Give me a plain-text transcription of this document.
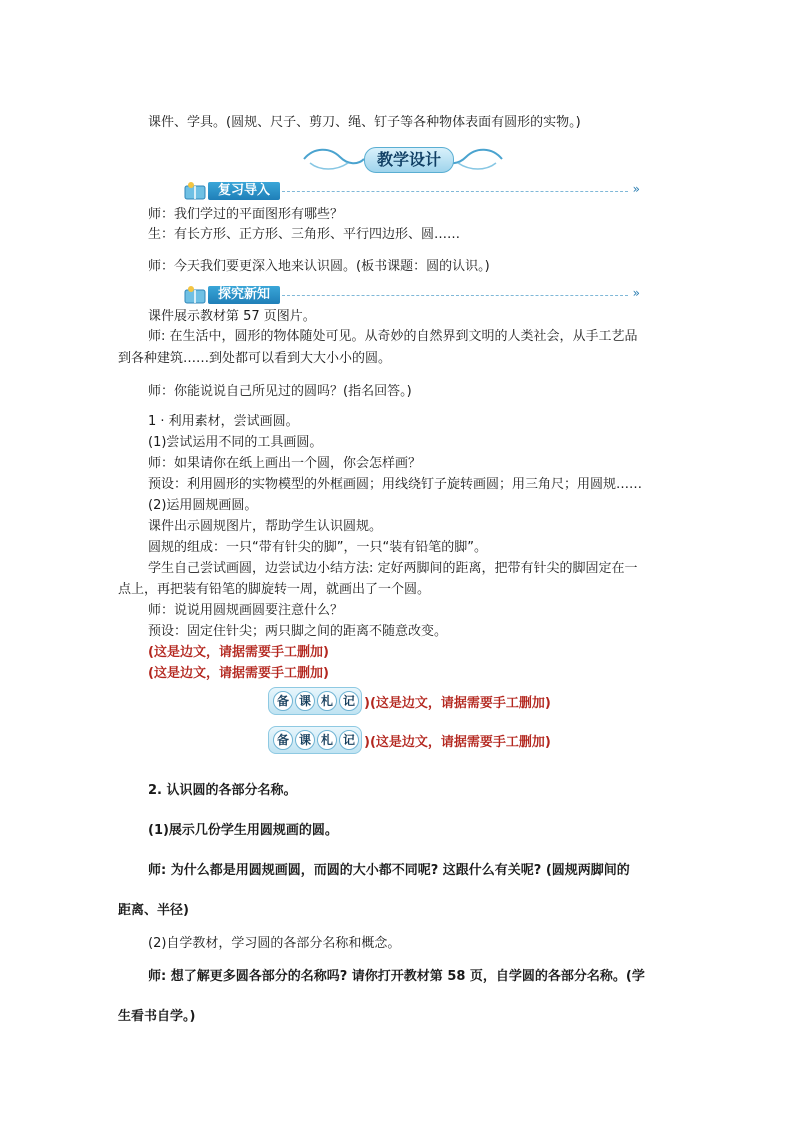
课件、学具。(圆规、尺子、剪刀、绳、钉子等各种物体表面有圆形的实物。)
教学设计
复习导入	»
师：我们学过的平面图形有哪些？
生：有长方形、正方形、三角形、平行四边形、圆……
师：今天我们要更深入地来认识圆。(板书课题：圆的认识。)
探究新知	»
课件展示教材第 57 页图片。
师: 在生活中，圆形的物体随处可见。从奇妙的自然界到文明的人类社会，从手工艺品
到各种建筑……到处都可以看到大大小小的圆。
师：你能说说自己所见过的圆吗？(指名回答。)
1 · 利用素材，尝试画圆。
(1)尝试运用不同的工具画圆。
师：如果请你在纸上画出一个圆，你会怎样画？
预设：利用圆形的实物模型的外框画圆；用线绕钉子旋转画圆；用三角尺；用圆规……
(2)运用圆规画圆。
课件出示圆规图片，帮助学生认识圆规。
圆规的组成：一只“带有针尖的脚”，一只“装有铅笔的脚”。
学生自己尝试画圆，边尝试边小结方法: 定好两脚间的距离，把带有针尖的脚固定在一
点上，再把装有铅笔的脚旋转一周，就画出了一个圆。
师：说说用圆规画圆要注意什么？
预设：固定住针尖；两只脚之间的距离不随意改变。
(这是边文，请据需要手工删加)
(这是边文，请据需要手工删加)
备 课 札 记 )(这是边文，请据需要手工删加)
备 课 札 记 )(这是边文，请据需要手工删加)
2. 认识圆的各部分名称。
(1)展示几份学生用圆规画的圆。
师: 为什么都是用圆规画圆，而圆的大小都不同呢? 这跟什么有关呢? (圆规两脚间的
距离、半径)
(2)自学教材，学习圆的各部分名称和概念。
师: 想了解更多圆各部分的名称吗? 请你打开教材第 58 页，自学圆的各部分名称。(学
生看书自学。)
